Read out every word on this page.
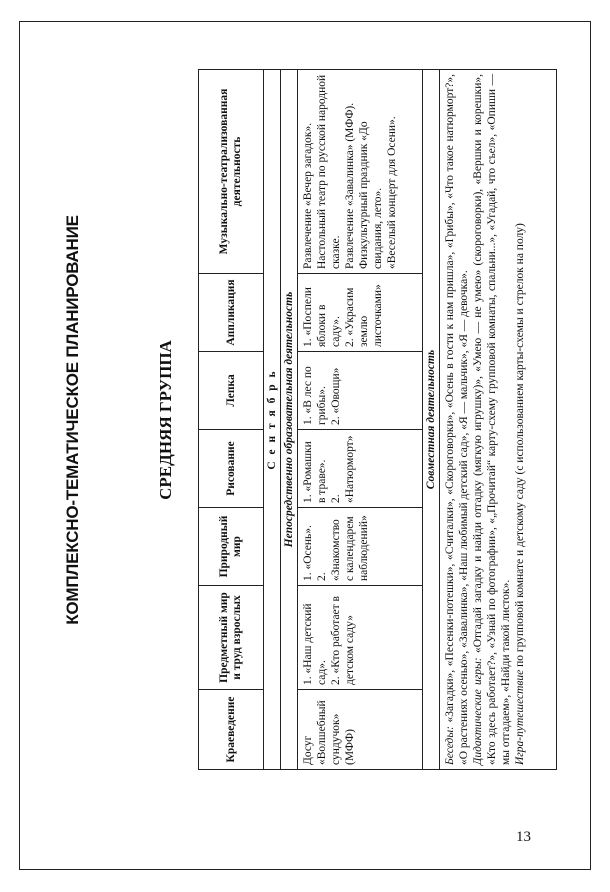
КОМПЛЕКСНО-ТЕМАТИЧЕСКОЕ ПЛАНИРОВАНИЕ	СРЕДНЯЯ ГРУППА
Краеведение	Предметный мир и труд взрослых	Природный мир	Рисование	Лепка	Аппликация	Музыкально-театрализованная деятельность
С е н т я б р ь						
Непосредственно образовательная деятельность						

Досуг «Волшебный сундучок» (МФФ)	1. «Наш детский сад». 2. «Кто работает в детском саду»	1. «Осень». 2. «Знакомство с календарем наблюдений»	1. «Ромашки в траве». 2. «Натюрморт»	1. «В лес по грибы». 2. «Овощи»	1. «Поспели яблоки в саду». 2. «Украсим землю листочками»	Развлечение «Вечер загадок». Настольный театр по русской народной сказке. Развлечение «Завалинка» (МФФ). Физкультурный праздник «До свидания, лето». «Веселый концерт для Осени».

Совместная деятельность						
Беседы: «Загадки», «Песенки-потешки», «Считалки», «Скороговорки», «Осень в гости к нам пришла», «Грибы», «Что такое натюрморт?», «О растениях осенью», «Завалинка», «Наш любимый детский сад», «Я — мальчик», «Я — девочка». Дидактические игры: «Отгадай загадку и найди отгадку (мягкую игрушку)», «Умею — не умею» (скороговорки), «Вершки и корешки», «Кто здесь работает?», «Узнай по фотографии», «„Прочитай“ карту-схему групповой комнаты, спальни...», «Угадай, что съел», «Опиши — мы отгадаем», «Найди такой листок». Игра-путешествие по групповой комнате и детскому саду (с использованием карты-схемы и стрелок на полу)						
13
